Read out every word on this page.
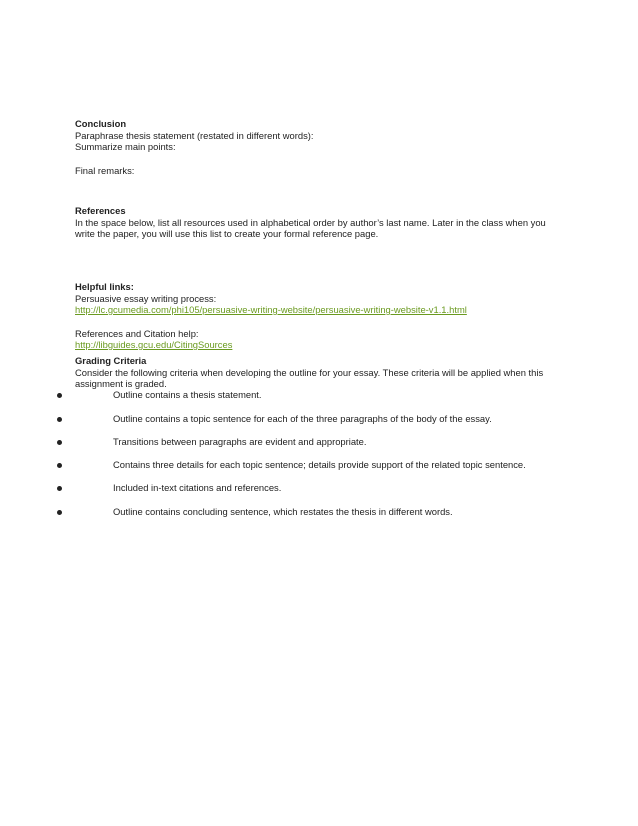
Conclusion
Paraphrase thesis statement (restated in different words):
Summarize main points:
Final remarks:
References
In the space below, list all resources used in alphabetical order by author’s last name. Later in the class when you write the paper, you will use this list to create your formal reference page.
Helpful links:
Persuasive essay writing process:
http://lc.gcumedia.com/phi105/persuasive-writing-website/persuasive-writing-website-v1.1.html
References and Citation help:
http://libguides.gcu.edu/CitingSources
Grading Criteria
Consider the following criteria when developing the outline for your essay. These criteria will be applied when this assignment is graded.
Outline contains a thesis statement.
Outline contains a topic sentence for each of the three paragraphs of the body of the essay.
Transitions between paragraphs are evident and appropriate.
Contains three details for each topic sentence; details provide support of the related topic sentence.
Included in-text citations and references.
Outline contains concluding sentence, which restates the thesis in different words.
